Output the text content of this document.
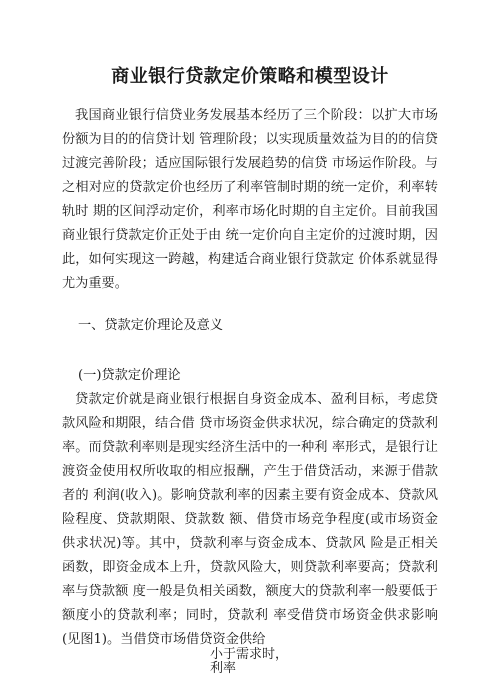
商业银行贷款定价策略和模型设计

我国商业银行信贷业务发展基本经历了三个阶段：以扩大市场份额为目的的信贷计划 管理阶段；以实现质量效益为目的的信贷过渡完善阶段；适应国际银行发展趋势的信贷 市场运作阶段。与之相对应的贷款定价也经历了利率管制时期的统一定价，利率转轨时 期的区间浮动定价，利率市场化时期的自主定价。目前我国商业银行贷款定价正处于由 统一定价向自主定价的过渡时期，因此，如何实现这一跨越，构建适合商业银行贷款定 价体系就显得尤为重要。

一、贷款定价理论及意义
(一)贷款定价理论

贷款定价就是商业银行根据自身资金成本、盈利目标，考虑贷款风险和期限，结合借 贷市场资金供求状况，综合确定的贷款利率。而贷款利率则是现实经济生活中的一种利 率形式，是银行让渡资金使用权所收取的相应报酬，产生于借贷活动，来源于借款者的 利润(收入)。影响贷款利率的因素主要有资金成本、贷款风险程度、贷款期限、贷款数 额、借贷市场竞争程度(或市场资金供求状况)等。其中，贷款利率与资金成本、贷款风 险是正相关函数，即资金成本上升，贷款风险大，则贷款利率要高；贷款利率与贷款额 度一般是负相关函数，额度大的贷款利率一般要低于额度小的贷款利率；同时，贷款利 率受借贷市场资金供求影响(见图1)。当借贷市场借贷资金供给

小于需求时，利率
